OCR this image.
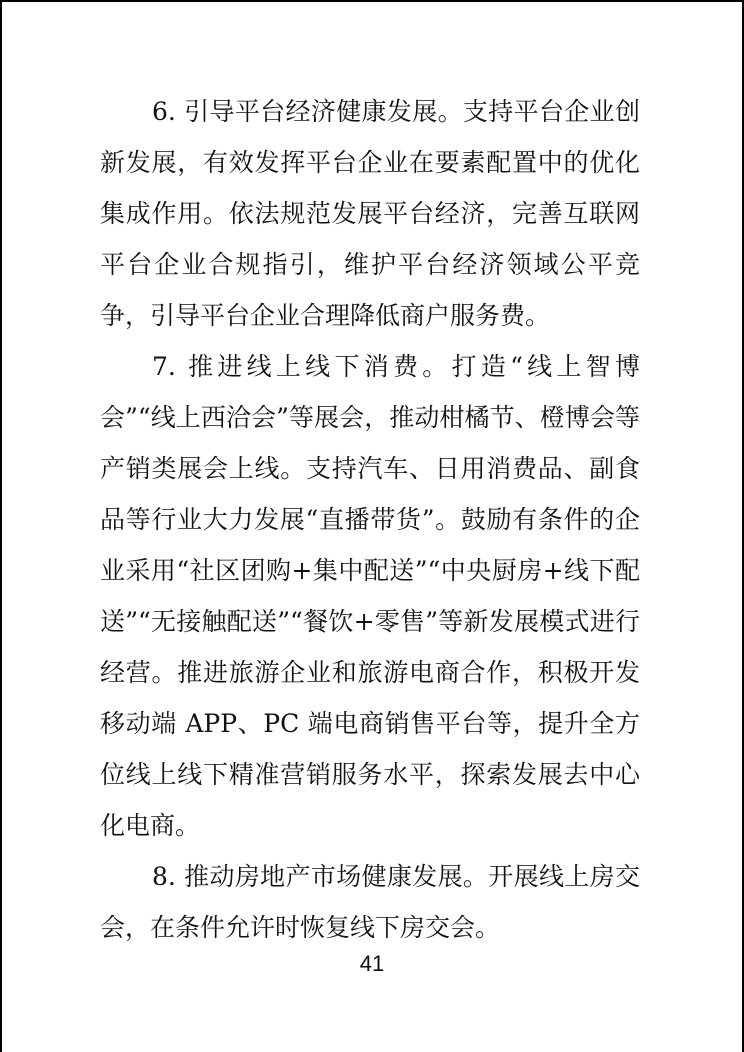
6. 引导平台经济健康发展。支持平台企业创新发展，有效发挥平台企业在要素配置中的优化集成作用。依法规范发展平台经济，完善互联网平台企业合规指引，维护平台经济领域公平竞争，引导平台企业合理降低商户服务费。

7. 推进线上线下消费。打造“线上智博会”“线上西洽会”等展会，推动柑橘节、橙博会等产销类展会上线。支持汽车、日用消费品、副食品等行业大力发展“直播带货”。鼓励有条件的企业采用“社区团购+集中配送”“中央厨房+线下配送”“无接触配送”“餐饮+零售”等新发展模式进行经营。推进旅游企业和旅游电商合作，积极开发移动端 APP、PC 端电商销售平台等，提升全方位线上线下精准营销服务水平，探索发展去中心化电商。

8. 推动房地产市场健康发展。开展线上房交会，在条件允许时恢复线下房交会。

41
